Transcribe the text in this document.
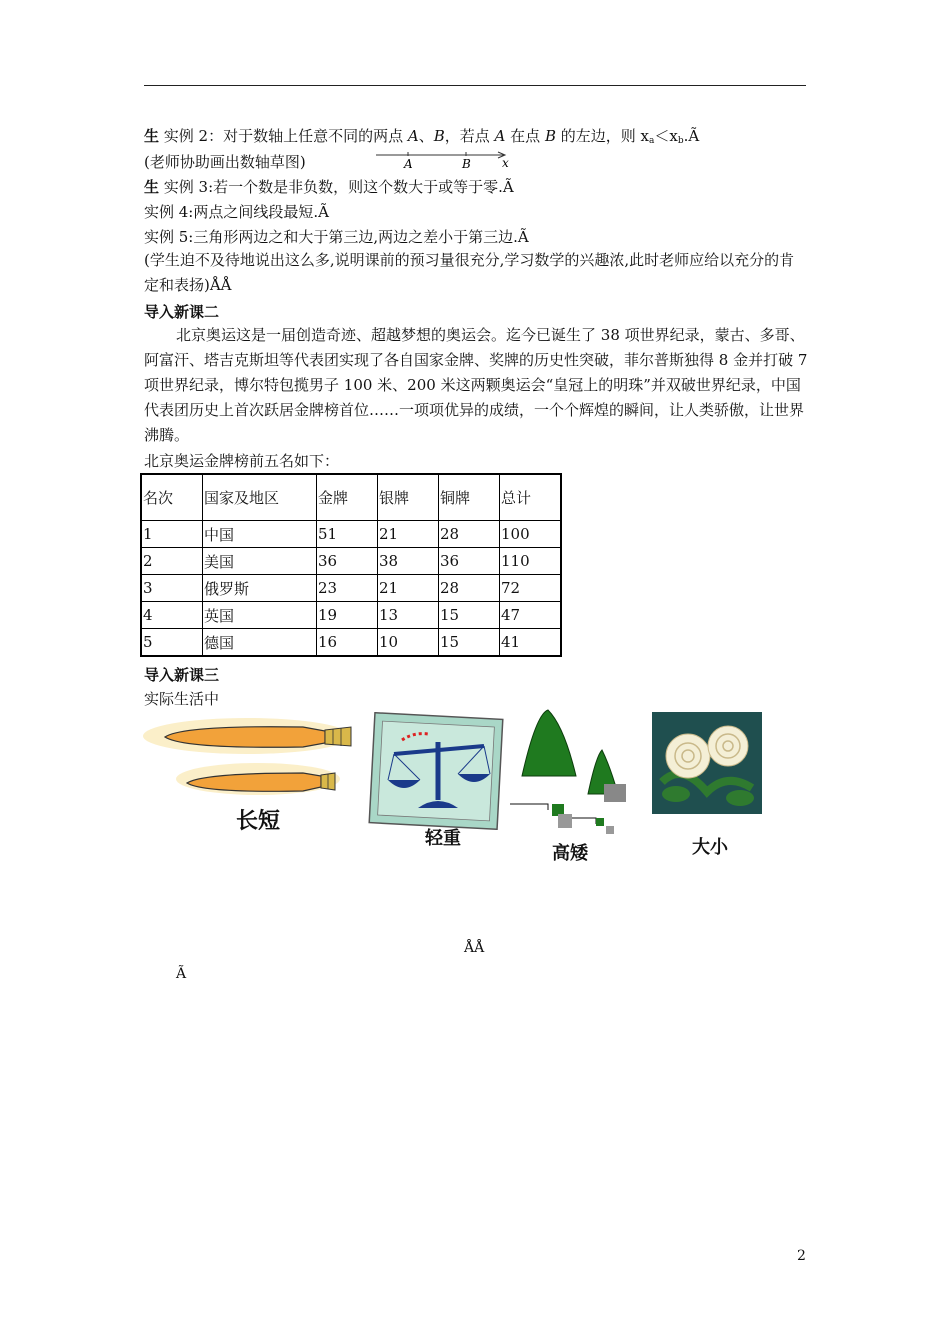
生 实例 2：对于数轴上任意不同的两点 A、B，若点 A 在点 B 的左边，则 $x_a<x_b.Ã$
(老师协助画出数轴草图)	A	B	x
生 实例 3:若一个数是非负数，则这个数大于或等于零.Ã
实例 4:两点之间线段最短.Ã
实例 5:三角形两边之和大于第三边,两边之差小于第三边.Ã

(学生迫不及待地说出这么多,说明课前的预习量很充分,学习数学的兴趣浓,此时老师应给以充分的肯定和表扬)ÅÅ

导入新课二

北京奥运这是一届创造奇迹、超越梦想的奥运会。迄今已诞生了 38 项世界纪录，蒙古、多哥、阿富汗、塔吉克斯坦等代表团实现了各自国家金牌、奖牌的历史性突破，菲尔普斯独得 8 金并打破 7 项世界纪录，博尔特包揽男子 100 米、200 米这两颗奥运会“皇冠上的明珠”并双破世界纪录，中国代表团历史上首次跃居金牌榜首位……一项项优异的成绩，一个个辉煌的瞬间，让人类骄傲，让世界沸腾。

北京奥运金牌榜前五名如下：
名次	国家及地区	金牌	银牌	铜牌	总计
1	中国	51	21	28	100
2	美国	36	38	36	110
3	俄罗斯	23	21	28	72
4	英国	19	13	15	47
5	德国	16	10	15	41
导入新课三
实际生活中
长短
轻重
高矮	大小
ÅÅ
Ã
2
